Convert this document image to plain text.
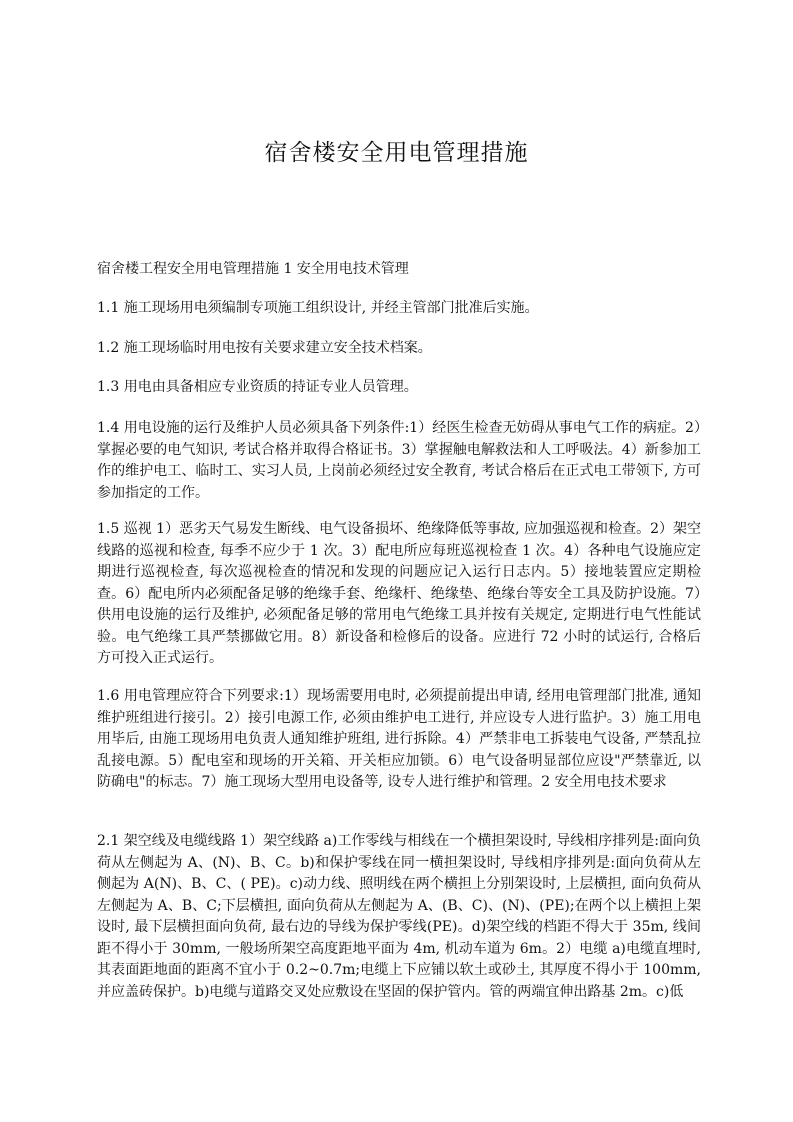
宿舍楼安全用电管理措施

宿舍楼工程安全用电管理措施 1 安全用电技术管理

1.1 施工现场用电须编制专项施工组织设计, 并经主管部门批准后实施。

1.2 施工现场临时用电按有关要求建立安全技术档案。

1.3 用电由具备相应专业资质的持证专业人员管理。

1.4 用电设施的运行及维护人员必须具备下列条件:1）经医生检查无妨碍从事电气工作的病症。2）掌握必要的电气知识, 考试合格并取得合格证书。3）掌握触电解救法和人工呼吸法。4）新参加工作的维护电工、临时工、实习人员, 上岗前必须经过安全教育, 考试合格后在正式电工带领下, 方可参加指定的工作。

1.5 巡视 1）恶劣天气易发生断线、电气设备损坏、绝缘降低等事故, 应加强巡视和检查。2）架空线路的巡视和检查, 每季不应少于 1 次。3）配电所应每班巡视检查 1 次。4）各种电气设施应定期进行巡视检查, 每次巡视检查的情况和发现的问题应记入运行日志内。5）接地装置应定期检查。6）配电所内必须配备足够的绝缘手套、绝缘杆、绝缘垫、绝缘台等安全工具及防护设施。7）供用电设施的运行及维护, 必须配备足够的常用电气绝缘工具并按有关规定, 定期进行电气性能试验。电气绝缘工具严禁挪做它用。8）新设备和检修后的设备。应进行 72 小时的试运行, 合格后方可投入正式运行。

1.6 用电管理应符合下列要求:1）现场需要用电时, 必须提前提出申请, 经用电管理部门批准, 通知维护班组进行接引。2）接引电源工作, 必须由维护电工进行, 并应设专人进行监护。3）施工用电用毕后, 由施工现场用电负责人通知维护班组, 进行拆除。4）严禁非电工拆装电气设备, 严禁乱拉乱接电源。5）配电室和现场的开关箱、开关柜应加锁。6）电气设备明显部位应设"严禁靠近, 以防确电"的标志。7）施工现场大型用电设备等, 设专人进行维护和管理。2 安全用电技术要求

2.1 架空线及电缆线路 1）架空线路 a)工作零线与相线在一个横担架设时, 导线相序排列是:面向负荷从左侧起为 A、(N)、B、C。b)和保护零线在同一横担架设时, 导线相序排列是:面向负荷从左侧起为 A(N)、B、C、( PE)。c)动力线、照明线在两个横担上分别架设时, 上层横担, 面向负荷从左侧起为 A、B、C;下层横担, 面向负荷从左侧起为 A、(B、C)、(N)、(PE);在两个以上横担上架设时, 最下层横担面向负荷, 最右边的导线为保护零线(PE)。d)架空线的档距不得大于 35m, 线间距不得小于 30mm, 一般场所架空高度距地平面为 4m, 机动车道为 6m。2）电缆 a)电缆直埋时, 其表面距地面的距离不宜小于 0.2~0.7m;电缆上下应铺以软土或砂土, 其厚度不得小于 100mm, 并应盖砖保护。b)电缆与道路交叉处应敷设在坚固的保护管内。管的两端宜伸出路基 2m。c)低
